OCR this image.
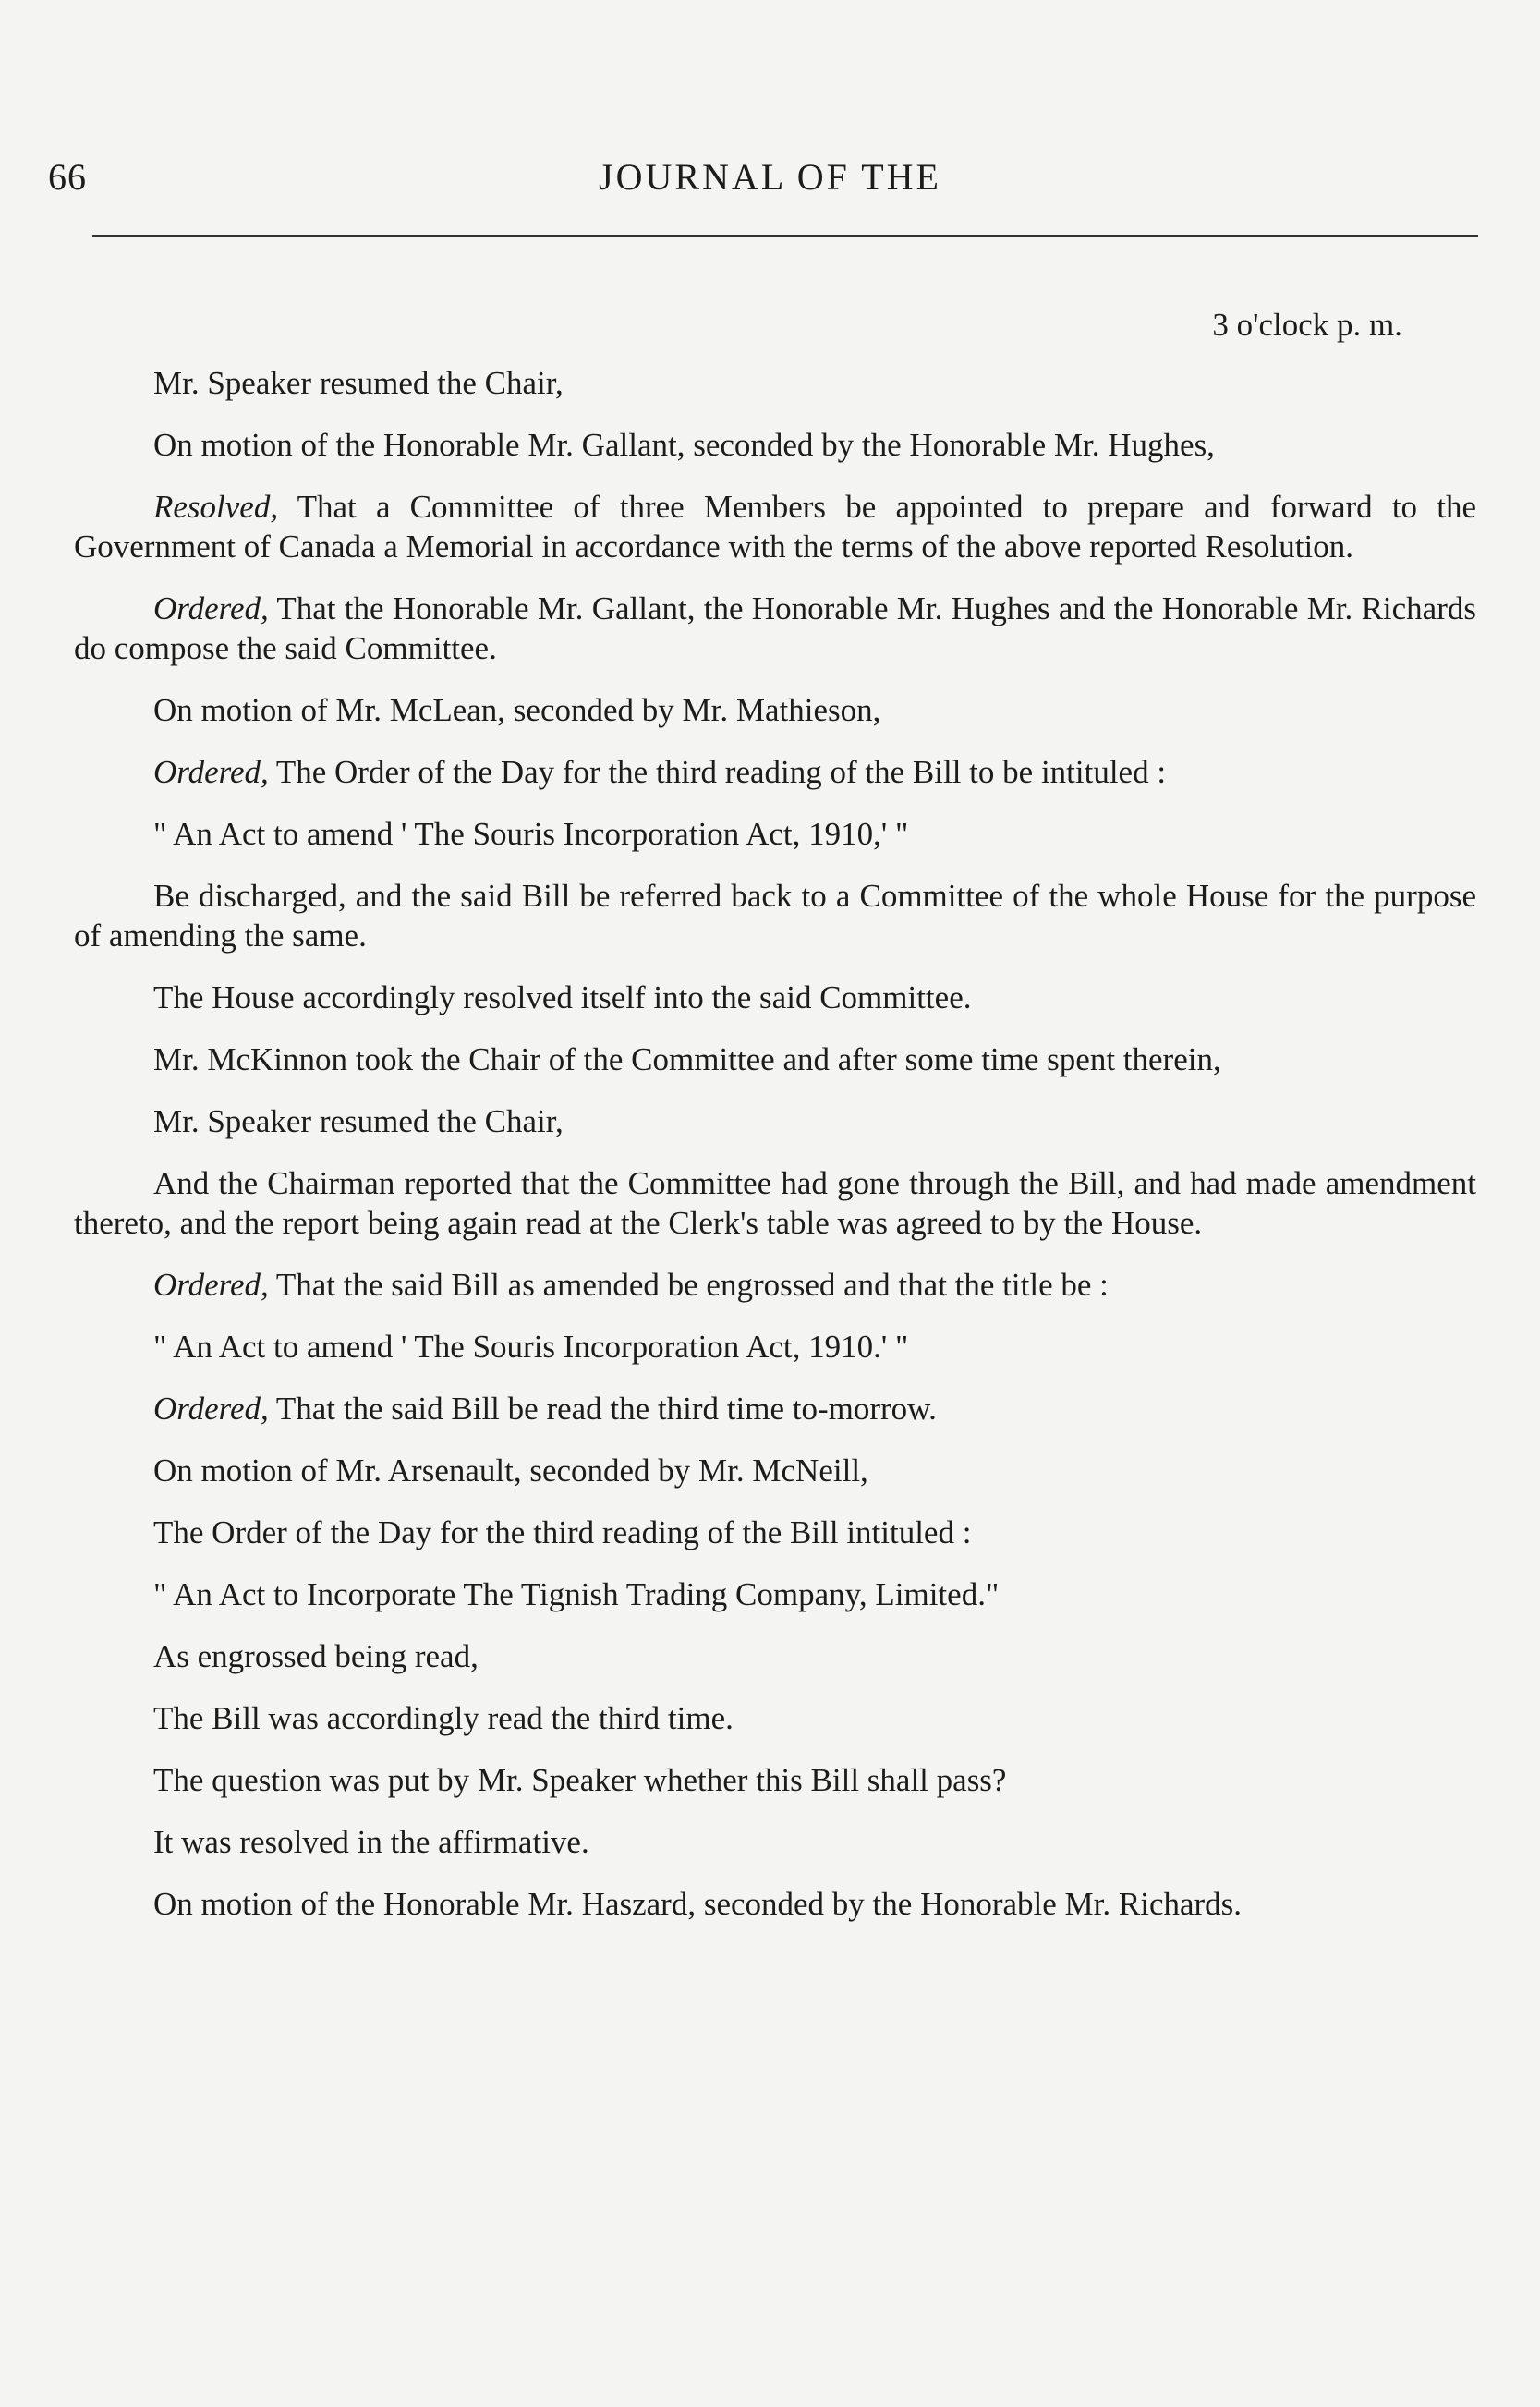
66	JOURNAL OF THE
3 o'clock p. m.

Mr. Speaker resumed the Chair,

On motion of the Honorable Mr. Gallant, seconded by the Honorable Mr. Hughes,

Resolved, That a Committee of three Members be appointed to prepare and forward to the Government of Canada a Memorial in accordance with the terms of the above reported Resolution.

Ordered, That the Honorable Mr. Gallant, the Honorable Mr. Hughes and the Honorable Mr. Richards do compose the said Committee.

On motion of Mr. McLean, seconded by Mr. Mathieson,

Ordered, The Order of the Day for the third reading of the Bill to be intituled :

" An Act to amend ' The Souris Incorporation Act, 1910,' "

Be discharged, and the said Bill be referred back to a Committee of the whole House for the purpose of amending the same.

The House accordingly resolved itself into the said Committee.

Mr. McKinnon took the Chair of the Committee and after some time spent therein,

Mr. Speaker resumed the Chair,

And the Chairman reported that the Committee had gone through the Bill, and had made amendment thereto, and the report being again read at the Clerk's table was agreed to by the House.

Ordered, That the said Bill as amended be engrossed and that the title be :

" An Act to amend ' The Souris Incorporation Act, 1910.' "

Ordered, That the said Bill be read the third time to-morrow.

On motion of Mr. Arsenault, seconded by Mr. McNeill,

The Order of the Day for the third reading of the Bill intituled :

" An Act to Incorporate The Tignish Trading Company, Limited."

As engrossed being read,

The Bill was accordingly read the third time.

The question was put by Mr. Speaker whether this Bill shall pass?

It was resolved in the affirmative.

On motion of the Honorable Mr. Haszard, seconded by the Honorable Mr. Richards.
